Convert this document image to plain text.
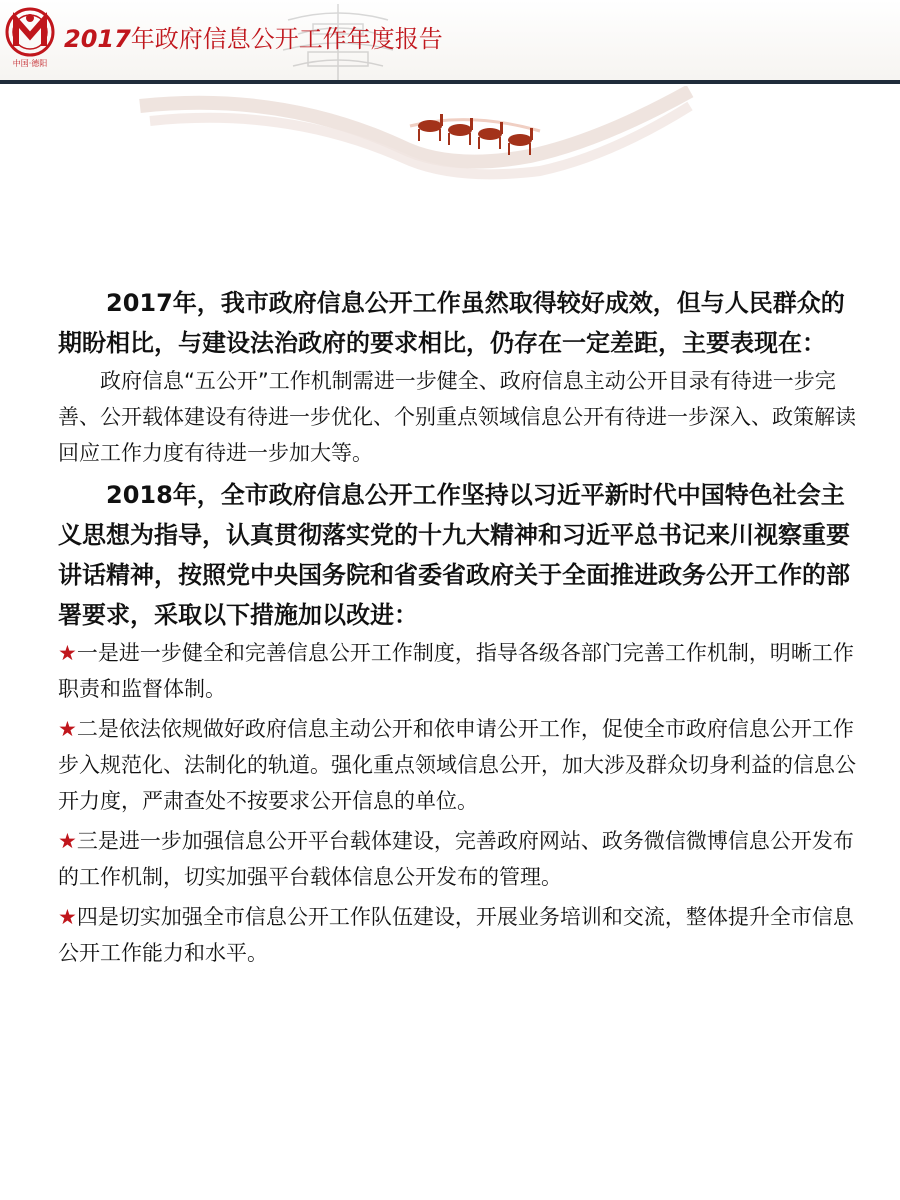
中国·德阳
2017年政府信息公开工作年度报告

2017年，我市政府信息公开工作虽然取得较好成效，但与人民群众的期盼相比，与建设法治政府的要求相比，仍存在一定差距，主要表现在：

政府信息“五公开”工作机制需进一步健全、政府信息主动公开目录有待进一步完善、公开载体建设有待进一步优化、个别重点领域信息公开有待进一步深入、政策解读回应工作力度有待进一步加大等。

2018年，全市政府信息公开工作坚持以习近平新时代中国特色社会主义思想为指导，认真贯彻落实党的十九大精神和习近平总书记来川视察重要讲话精神，按照党中央国务院和省委省政府关于全面推进政务公开工作的部署要求，采取以下措施加以改进：

★一是进一步健全和完善信息公开工作制度，指导各级各部门完善工作机制，明晰工作职责和监督体制。

★二是依法依规做好政府信息主动公开和依申请公开工作，促使全市政府信息公开工作步入规范化、法制化的轨道。强化重点领域信息公开，加大涉及群众切身利益的信息公开力度，严肃查处不按要求公开信息的单位。

★三是进一步加强信息公开平台载体建设，完善政府网站、政务微信微博信息公开发布的工作机制，切实加强平台载体信息公开发布的管理。

★四是切实加强全市信息公开工作队伍建设，开展业务培训和交流，整体提升全市信息公开工作能力和水平。
